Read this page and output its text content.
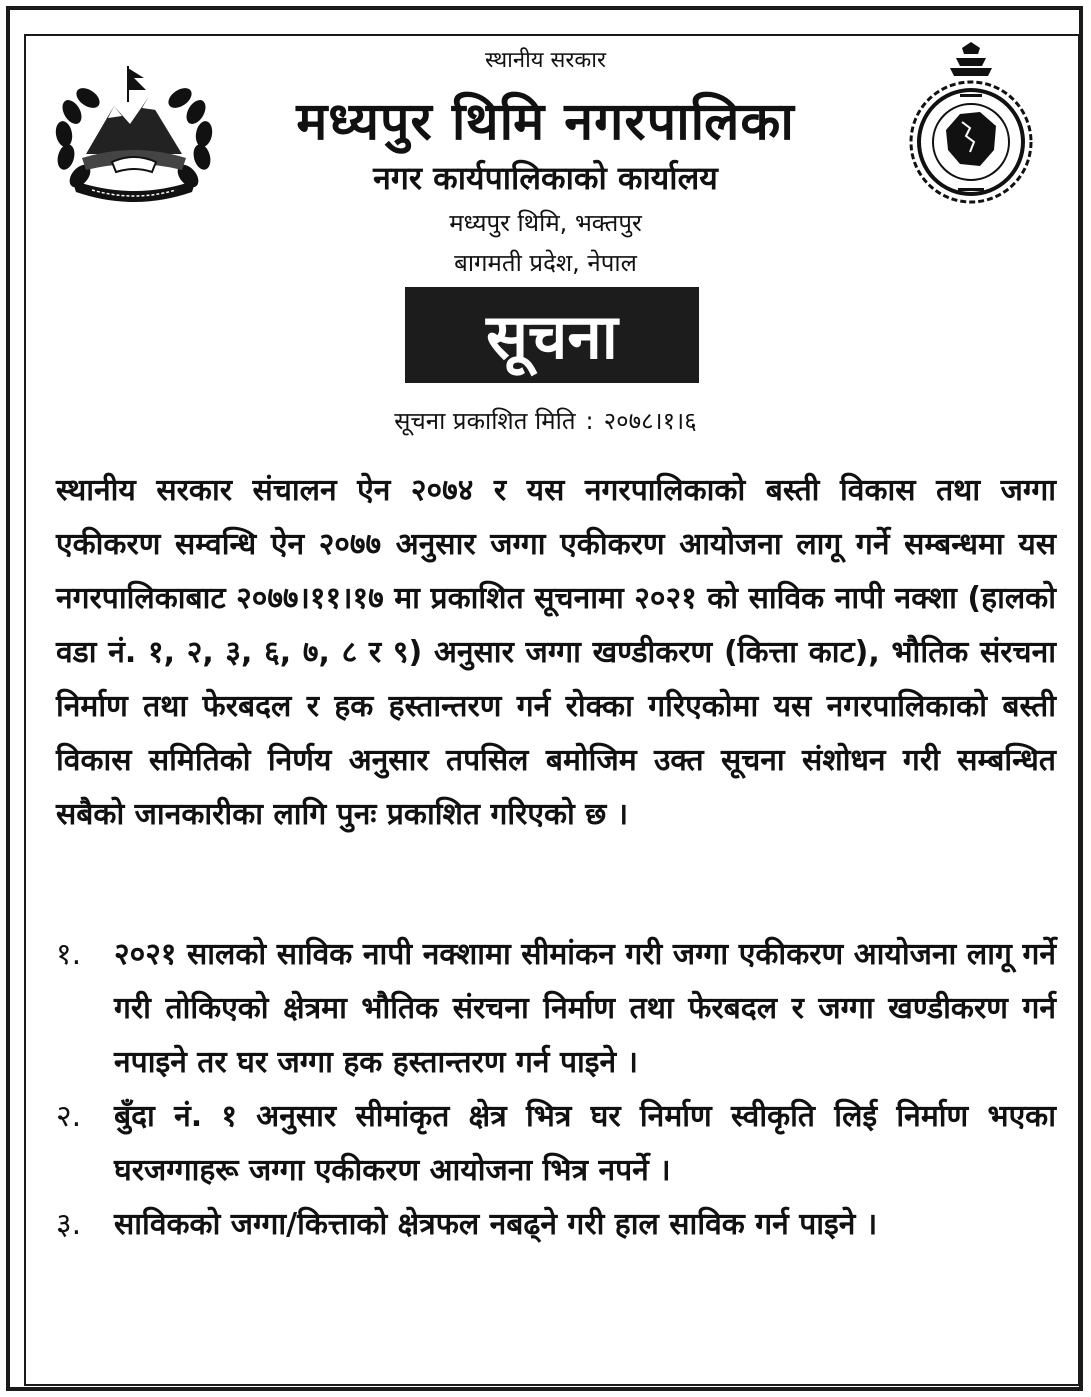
स्थानीय सरकार
मध्यपुर थिमि नगरपालिका
नगर कार्यपालिकाको कार्यालय
मध्यपुर थिमि, भक्तपुर
बागमती प्रदेश, नेपाल
सूचना
सूचना प्रकाशित मिति : २०७८।१।६
स्थानीय सरकार संचालन ऐन २०७४ र यस नगरपालिकाको बस्ती विकास तथा जग्गा एकीकरण सम्वन्धि ऐन २०७७ अनुसार जग्गा एकीकरण आयोजना लागू गर्ने सम्बन्धमा यस नगरपालिकाबाट २०७७।११।१७ मा प्रकाशित सूचनामा २०२१ को साविक नापी नक्शा (हालको वडा नं. १, २, ३, ६, ७, ८ र ९) अनुसार जग्गा खण्डीकरण (कित्ता काट), भौतिक संरचना निर्माण तथा फेरबदल र हक हस्तान्तरण गर्न रोक्का गरिएकोमा यस नगरपालिकाको बस्ती विकास समितिको निर्णय अनुसार तपसिल बमोजिम उक्त सूचना संशोधन गरी सम्बन्धित सबैको जानकारीका लागि पुनः प्रकाशित गरिएको छ ।
१. २०२१ सालको साविक नापी नक्शामा सीमांकन गरी जग्गा एकीकरण आयोजना लागू गर्ने गरी तोकिएको क्षेत्रमा भौतिक संरचना निर्माण तथा फेरबदल र जग्गा खण्डीकरण गर्न नपाइने तर घर जग्गा हक हस्तान्तरण गर्न पाइने ।
२. बुँदा नं. १ अनुसार सीमांकृत क्षेत्र भित्र घर निर्माण स्वीकृति लिई निर्माण भएका घरजग्गाहरू जग्गा एकीकरण आयोजना भित्र नपर्ने ।
३. साविकको जग्गा/कित्ताको क्षेत्रफल नबढ्ने गरी हाल साविक गर्न पाइने ।
